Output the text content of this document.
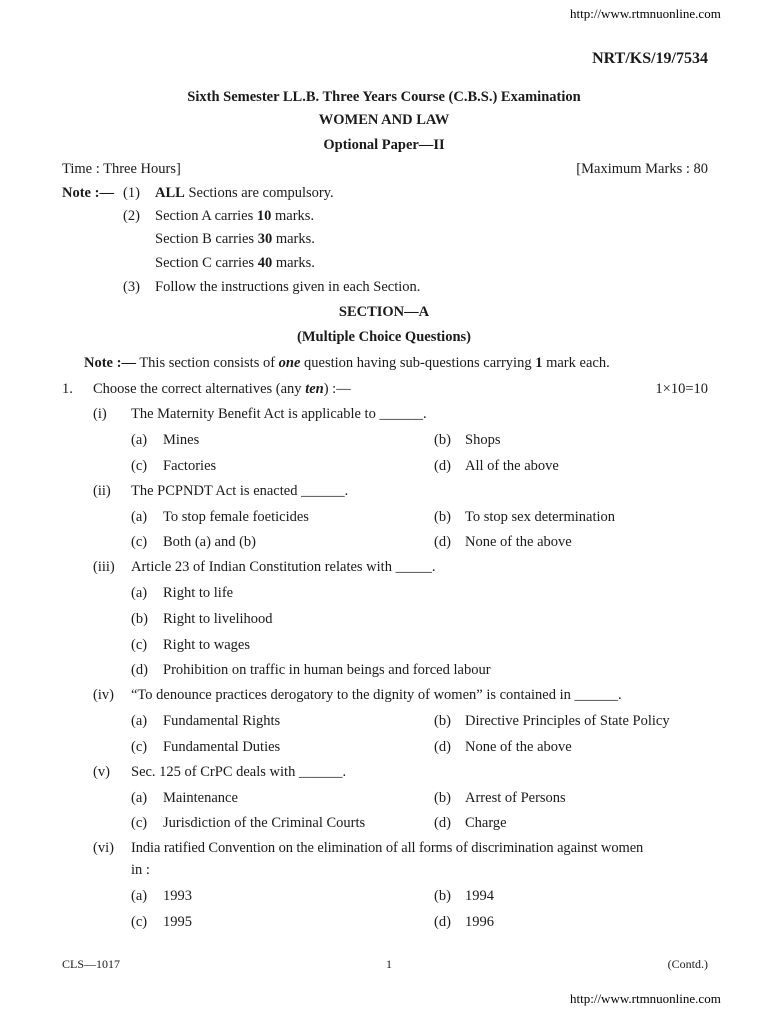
http://www.rtmnuonline.com
NRT/KS/19/7534
Sixth Semester LL.B. Three Years Course (C.B.S.) Examination
WOMEN AND LAW
Optional Paper—II
Time : Three Hours]	[Maximum Marks : 80
Note :— (1) ALL Sections are compulsory.
(2) Section A carries 10 marks.
Section B carries 30 marks.
Section C carries 40 marks.
(3) Follow the instructions given in each Section.
SECTION—A
(Multiple Choice Questions)
Note :— This section consists of one question having sub-questions carrying 1 mark each.
1. Choose the correct alternatives (any ten) :—	1×10=10
(i) The Maternity Benefit Act is applicable to ______.
(a) Mines	(b) Shops
(c) Factories	(d) All of the above
(ii) The PCPNDT Act is enacted ______.
(a) To stop female foeticides	(b) To stop sex determination
(c) Both (a) and (b)	(d) None of the above
(iii) Article 23 of Indian Constitution relates with _____.
(a) Right to life
(b) Right to livelihood
(c) Right to wages
(d) Prohibition on traffic in human beings and forced labour
(iv) “To denounce practices derogatory to the dignity of women” is contained in ______.
(a) Fundamental Rights	(b) Directive Principles of State Policy
(c) Fundamental Duties	(d) None of the above
(v) Sec. 125 of CrPC deals with ______.
(a) Maintenance	(b) Arrest of Persons
(c) Jurisdiction of the Criminal Courts	(d) Charge
(vi) India ratified Convention on the elimination of all forms of discrimination against women
in :
(a) 1993	(b) 1994
(c) 1995	(d) 1996
CLS—1017	1	(Contd.)
http://www.rtmnuonline.com
